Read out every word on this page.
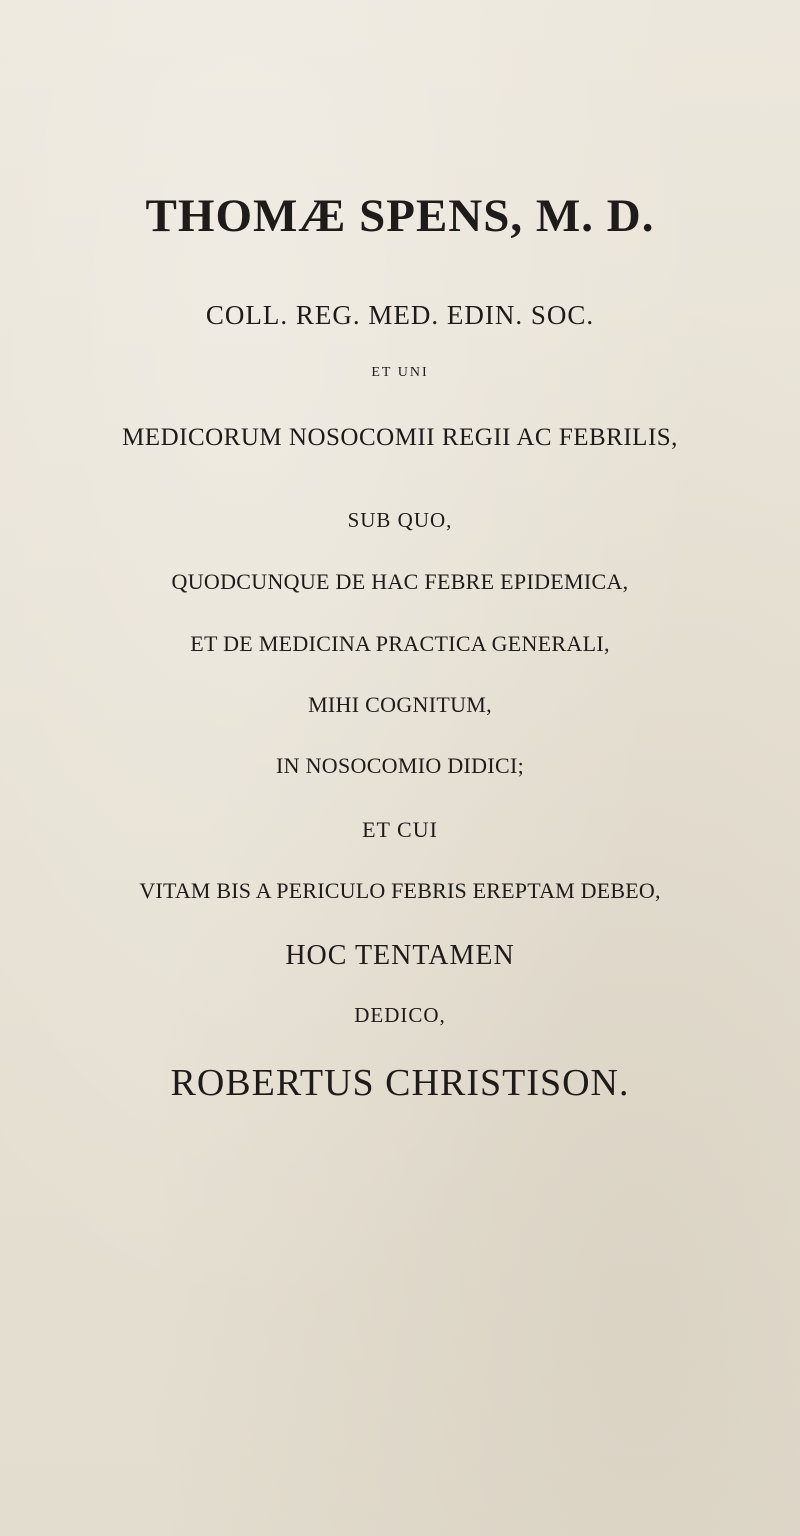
THOMÆ SPENS, M. D.
COLL. REG. MED. EDIN. SOC.
ET UNI
MEDICORUM NOSOCOMII REGII AC FEBRILIS,
SUB QUO,
QUODCUNQUE DE HAC FEBRE EPIDEMICA,
ET DE MEDICINA PRACTICA GENERALI,
MIHI COGNITUM,
IN NOSOCOMIO DIDICI;
ET CUI
VITAM BIS A PERICULO FEBRIS EREPTAM DEBEO,
HOC TENTAMEN
DEDICO,
ROBERTUS CHRISTISON.
